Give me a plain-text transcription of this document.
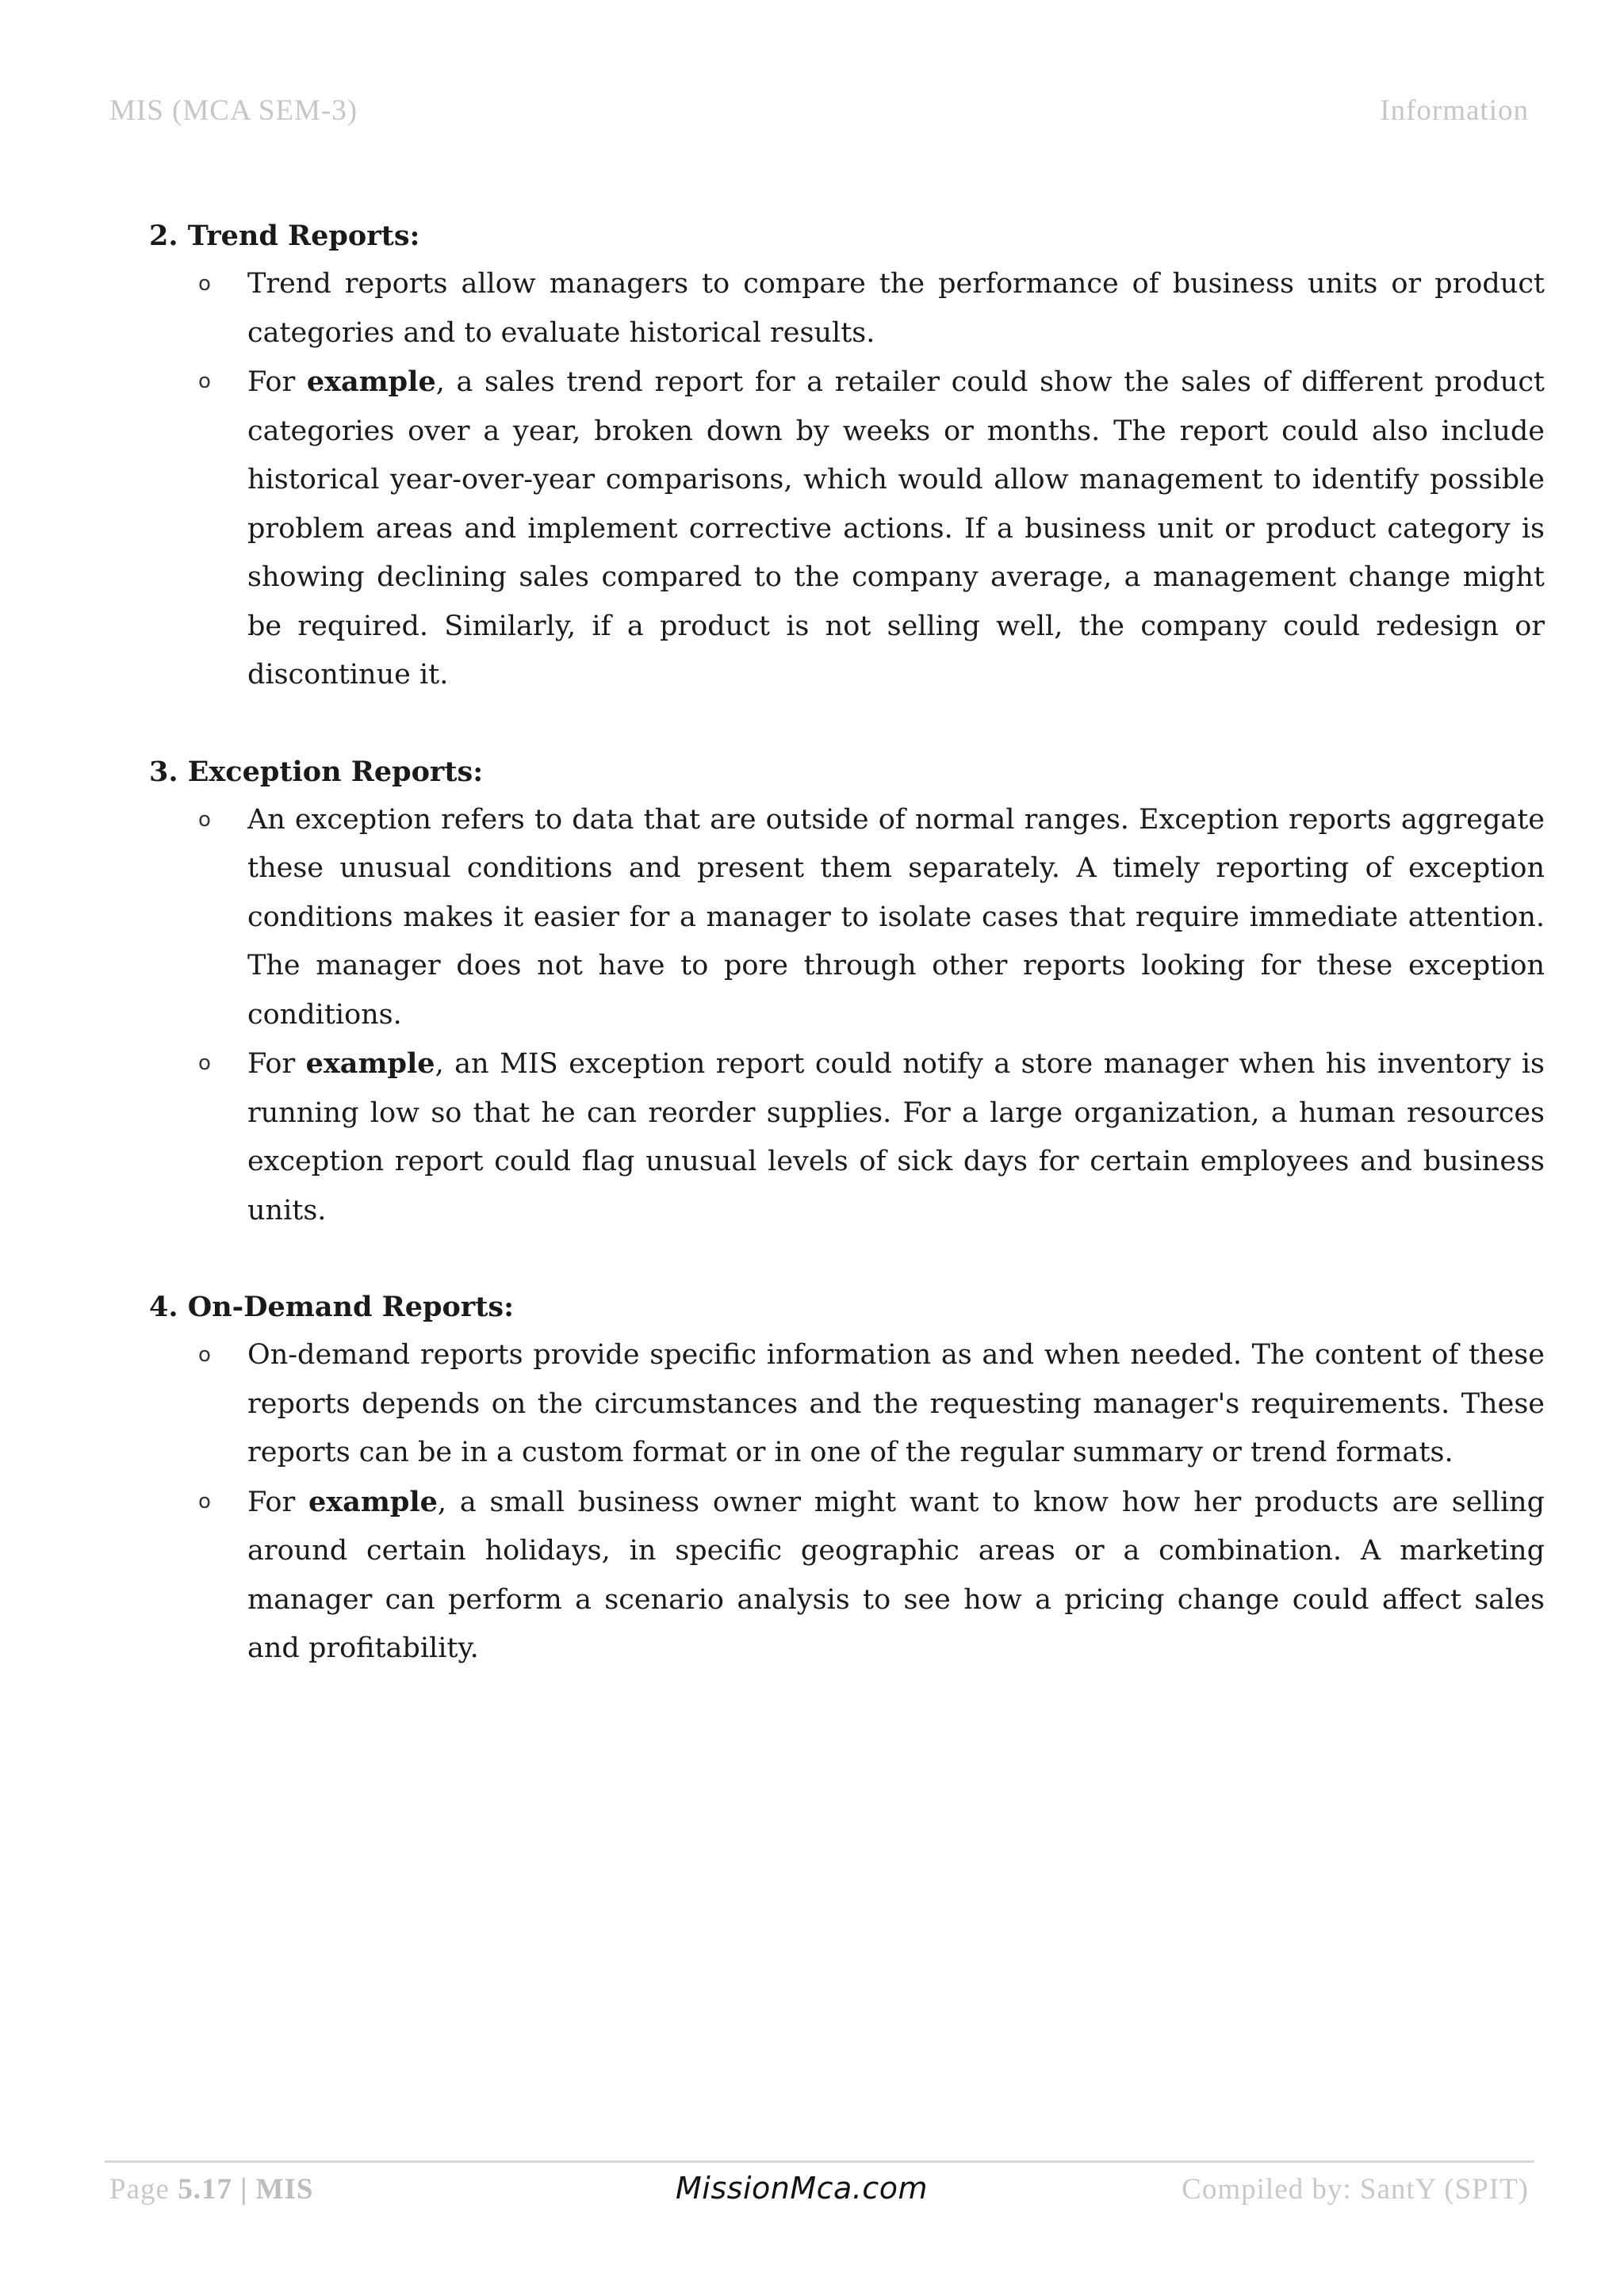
MIS (MCA SEM-3)	Information

2. Trend Reports:

o Trend reports allow managers to compare the performance of business units or product categories and to evaluate historical results.
o For example, a sales trend report for a retailer could show the sales of different product categories over a year, broken down by weeks or months. The report could also include historical year-over-year comparisons, which would allow management to identify possible problem areas and implement corrective actions. If a business unit or product category is showing declining sales compared to the company average, a management change might be required. Similarly, if a product is not selling well, the company could redesign or discontinue it.

3. Exception Reports:

o An exception refers to data that are outside of normal ranges. Exception reports aggregate these unusual conditions and present them separately. A timely reporting of exception conditions makes it easier for a manager to isolate cases that require immediate attention. The manager does not have to pore through other reports looking for these exception conditions.
o For example, an MIS exception report could notify a store manager when his inventory is running low so that he can reorder supplies. For a large organization, a human resources exception report could flag unusual levels of sick days for certain employees and business units.

4. On-Demand Reports:

o On-demand reports provide specific information as and when needed. The content of these reports depends on the circumstances and the requesting manager's requirements. These reports can be in a custom format or in one of the regular summary or trend formats.
o For example, a small business owner might want to know how her products are selling around certain holidays, in specific geographic areas or a combination. A marketing manager can perform a scenario analysis to see how a pricing change could affect sales and profitability.
Page 5.17 | MIS	MissionMca.com	Compiled by: SantY (SPIT)
